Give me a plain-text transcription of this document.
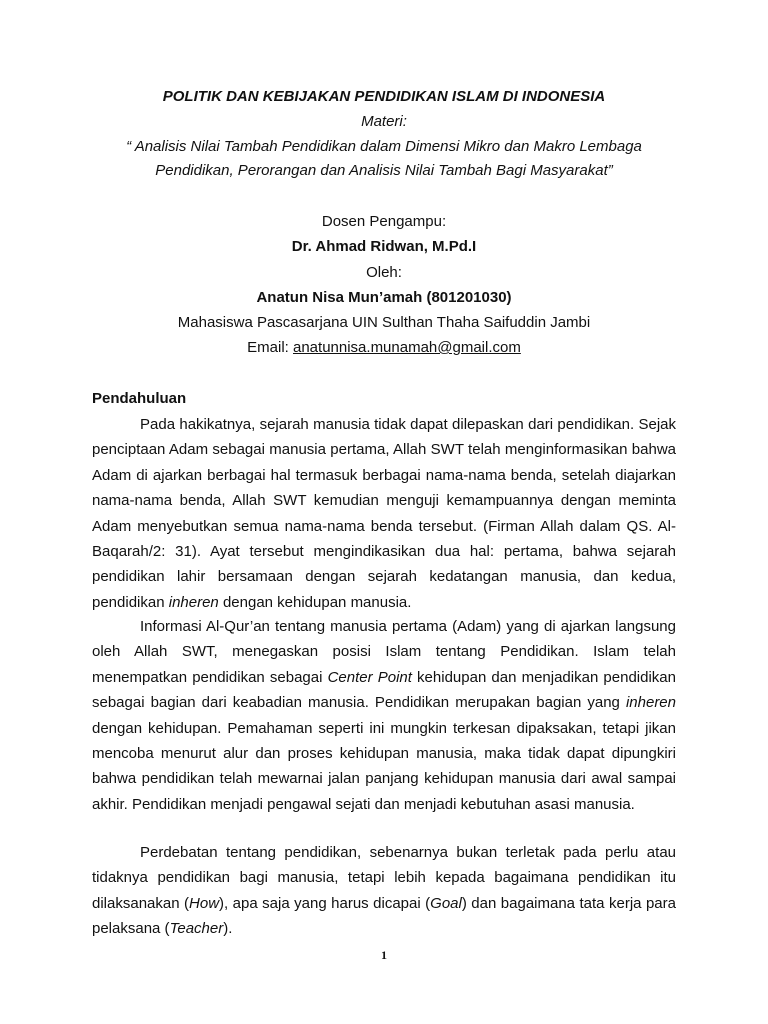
POLITIK DAN KEBIJAKAN PENDIDIKAN ISLAM DI INDONESIA
Materi:
“ Analisis Nilai Tambah Pendidikan dalam Dimensi Mikro dan Makro Lembaga
Pendidikan, Perorangan dan Analisis Nilai Tambah Bagi Masyarakat”
Dosen Pengampu:
Dr. Ahmad Ridwan, M.Pd.I
Oleh:
Anatun Nisa Mun’amah (801201030)
Mahasiswa Pascasarjana UIN Sulthan Thaha Saifuddin Jambi
Email: anatunnisa.munamah@gmail.com
Pendahuluan

Pada hakikatnya, sejarah manusia tidak dapat dilepaskan dari pendidikan. Sejak penciptaan Adam sebagai manusia pertama, Allah SWT telah menginformasikan bahwa Adam di ajarkan berbagai hal termasuk berbagai nama-nama benda, setelah diajarkan nama-nama benda, Allah SWT kemudian menguji kemampuannya dengan meminta Adam menyebutkan semua nama-nama benda tersebut. (Firman Allah dalam QS. Al-Baqarah/2: 31). Ayat tersebut mengindikasikan dua hal: pertama, bahwa sejarah pendidikan lahir bersamaan dengan sejarah kedatangan manusia, dan kedua, pendidikan inheren dengan kehidupan manusia.

Informasi Al-Qur’an tentang manusia pertama (Adam) yang di ajarkan langsung oleh Allah SWT, menegaskan posisi Islam tentang Pendidikan. Islam telah menempatkan pendidikan sebagai Center Point kehidupan dan menjadikan pendidikan sebagai bagian dari keabadian manusia. Pendidikan merupakan bagian yang inheren dengan kehidupan. Pemahaman seperti ini mungkin terkesan dipaksakan, tetapi jikan mencoba menurut alur dan proses kehidupan manusia, maka tidak dapat dipungkiri bahwa pendidikan telah mewarnai jalan panjang kehidupan manusia dari awal sampai akhir. Pendidikan menjadi pengawal sejati dan menjadi kebutuhan asasi manusia.

Perdebatan tentang pendidikan, sebenarnya bukan terletak pada perlu atau tidaknya pendidikan bagi manusia, tetapi lebih kepada bagaimana pendidikan itu dilaksanakan (How), apa saja yang harus dicapai (Goal) dan bagaimana tata kerja para pelaksana (Teacher).

1
